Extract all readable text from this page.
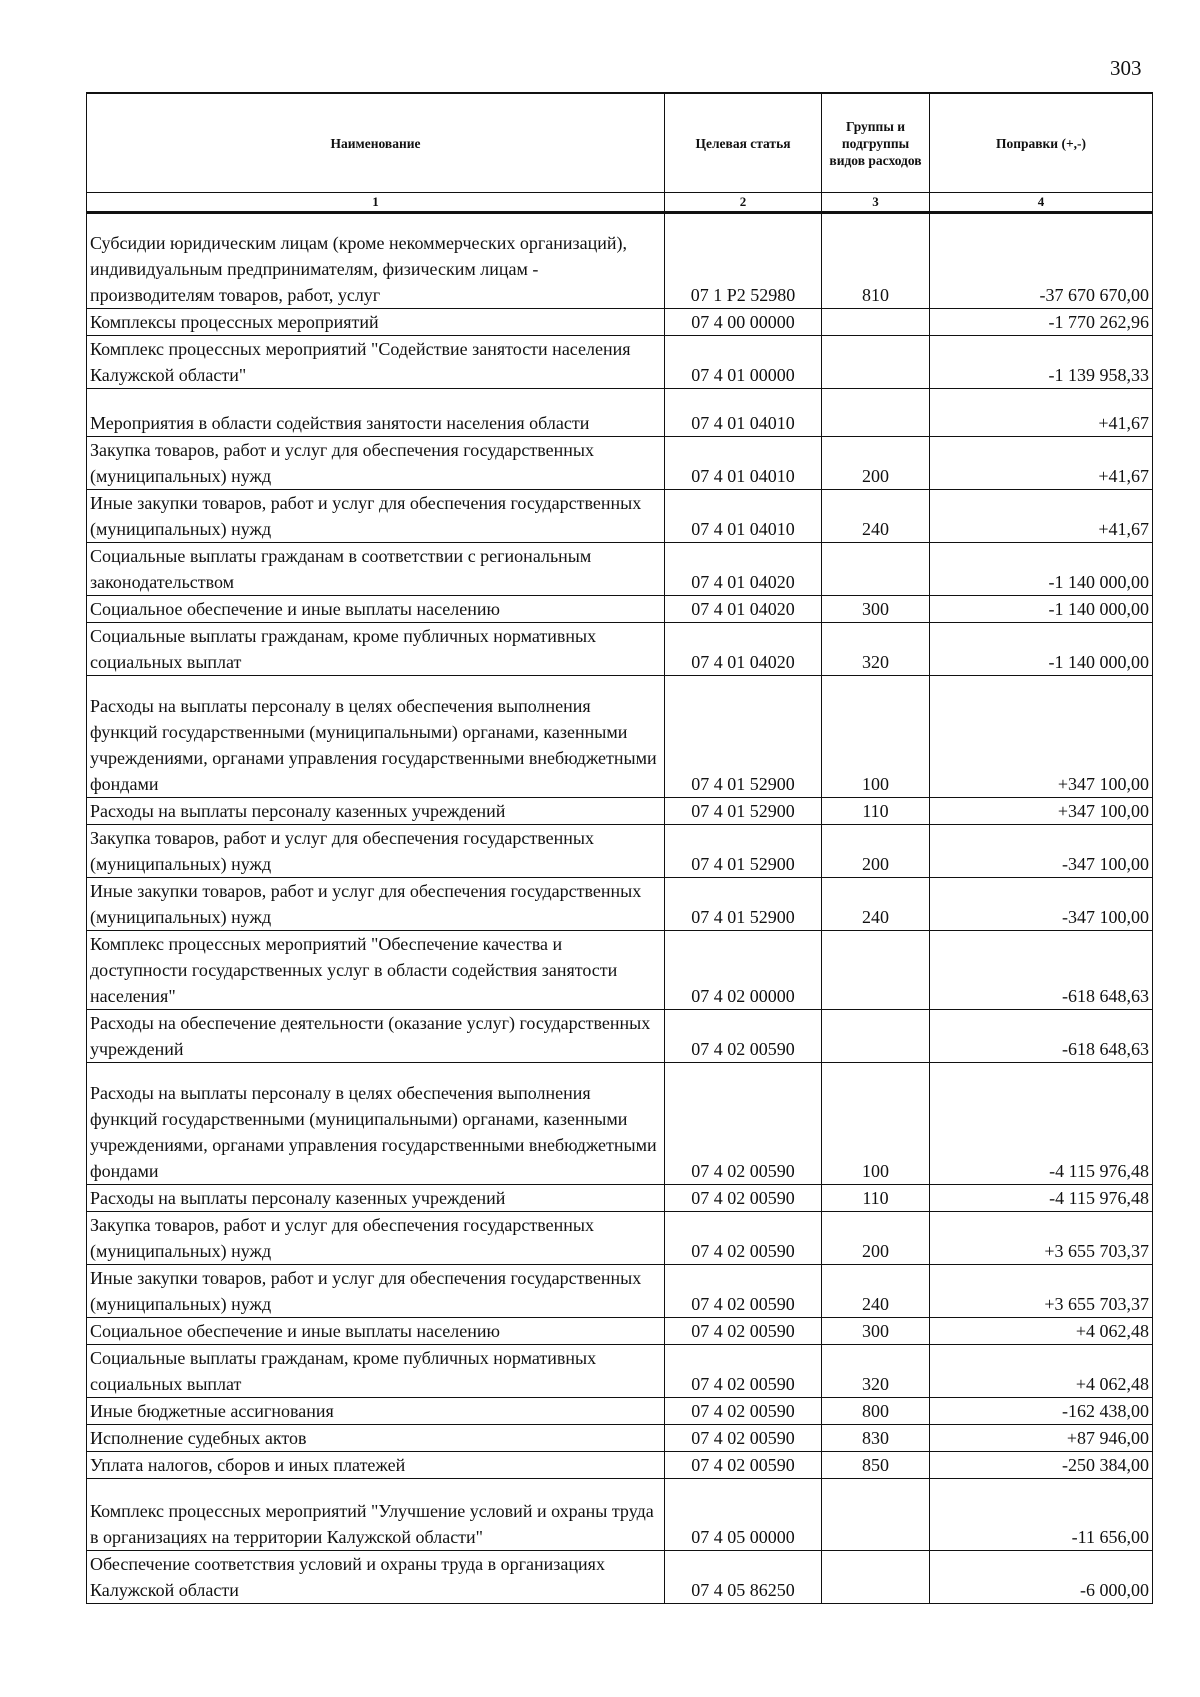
303
Наименование	Целевая статья	Группы и подгруппы видов расходов	Поправки (+,-)
1	2	3	4
Субсидии юридическим лицам (кроме некоммерческих организаций), индивидуальным предпринимателям, физическим лицам - производителям товаров, работ, услуг	07 1 Р2 52980	810	-37 670 670,00
Комплексы процессных мероприятий	07 4 00 00000		-1 770 262,96
Комплекс процессных мероприятий "Содействие занятости населения Калужской области"	07 4 01 00000		-1 139 958,33
Мероприятия в области содействия занятости населения области	07 4 01 04010		+41,67
Закупка товаров, работ и услуг для обеспечения государственных (муниципальных) нужд	07 4 01 04010	200	+41,67
Иные закупки товаров, работ и услуг для обеспечения государственных (муниципальных) нужд	07 4 01 04010	240	+41,67
Социальные выплаты гражданам в соответствии с региональным законодательством	07 4 01 04020		-1 140 000,00
Социальное обеспечение и иные выплаты населению	07 4 01 04020	300	-1 140 000,00
Социальные выплаты гражданам, кроме публичных нормативных социальных выплат	07 4 01 04020	320	-1 140 000,00
Расходы на выплаты персоналу в целях обеспечения выполнения функций государственными (муниципальными) органами, казенными учреждениями, органами управления государственными внебюджетными фондами	07 4 01 52900	100	+347 100,00
Расходы на выплаты персоналу казенных учреждений	07 4 01 52900	110	+347 100,00
Закупка товаров, работ и услуг для обеспечения государственных (муниципальных) нужд	07 4 01 52900	200	-347 100,00
Иные закупки товаров, работ и услуг для обеспечения государственных (муниципальных) нужд	07 4 01 52900	240	-347 100,00
Комплекс процессных мероприятий "Обеспечение качества и доступности государственных услуг в области содействия занятости населения"	07 4 02 00000		-618 648,63
Расходы на обеспечение деятельности (оказание услуг) государственных учреждений	07 4 02 00590		-618 648,63
Расходы на выплаты персоналу в целях обеспечения выполнения функций государственными (муниципальными) органами, казенными учреждениями, органами управления государственными внебюджетными фондами	07 4 02 00590	100	-4 115 976,48
Расходы на выплаты персоналу казенных учреждений	07 4 02 00590	110	-4 115 976,48
Закупка товаров, работ и услуг для обеспечения государственных (муниципальных) нужд	07 4 02 00590	200	+3 655 703,37
Иные закупки товаров, работ и услуг для обеспечения государственных (муниципальных) нужд	07 4 02 00590	240	+3 655 703,37
Социальное обеспечение и иные выплаты населению	07 4 02 00590	300	+4 062,48
Социальные выплаты гражданам, кроме публичных нормативных социальных выплат	07 4 02 00590	320	+4 062,48
Иные бюджетные ассигнования	07 4 02 00590	800	-162 438,00
Исполнение судебных актов	07 4 02 00590	830	+87 946,00
Уплата налогов, сборов и иных платежей	07 4 02 00590	850	-250 384,00
Комплекс процессных мероприятий "Улучшение условий и охраны труда в организациях на территории Калужской области"	07 4 05 00000		-11 656,00
Обеспечение соответствия условий и охраны труда в организациях Калужской области	07 4 05 86250		-6 000,00
